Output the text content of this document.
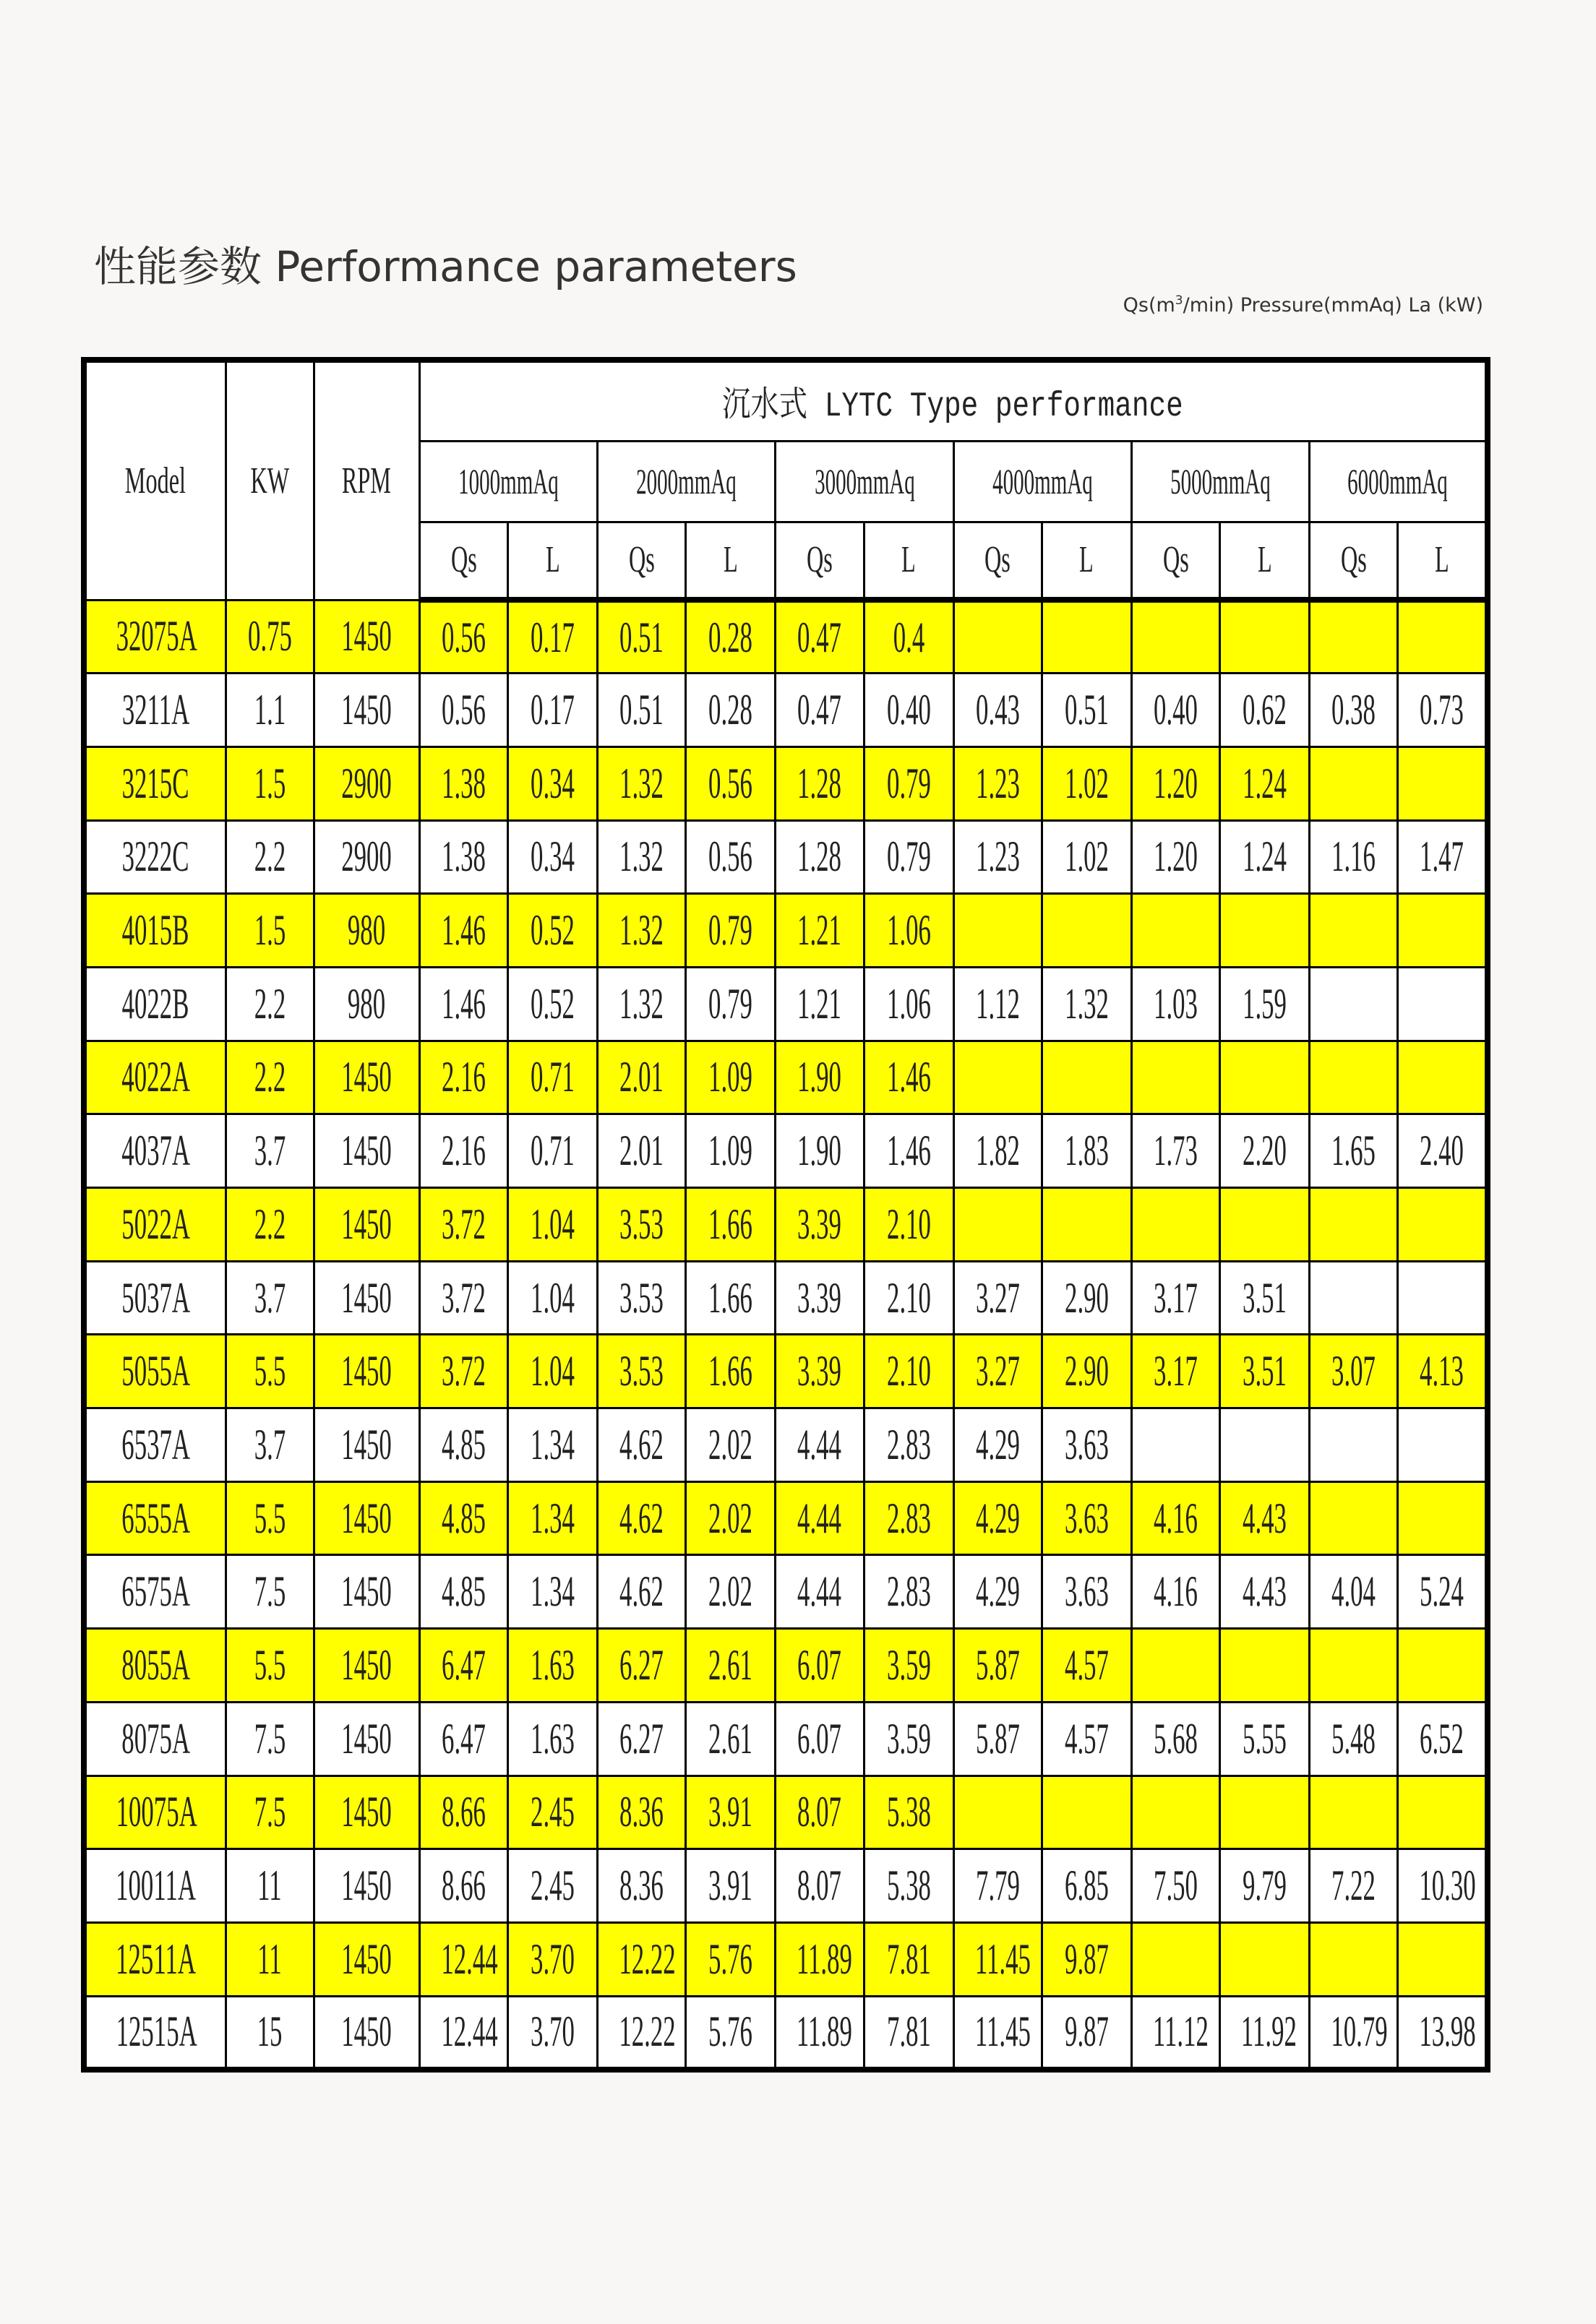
性能参数 Performance parameters
$Qs(m^3/\min)$ Pressure(mmAq) La (kW)
Model	KW	RPM	沉水式 LYTC Type performance											
			1000mmAq		2000mmAq		3000mmAq		4000mmAq		5000mmAq		6000mmAq	
			Qs	L	Qs	L	Qs	L	Qs	L	Qs	L	Qs	L
32075A	0.75	1450	0.56	0.17	0.51	0.28	0.47	0.4						
3211A	1.1	1450	0.56	0.17	0.51	0.28	0.47	0.40	0.43	0.51	0.40	0.62	0.38	0.73
3215C	1.5	2900	1.38	0.34	1.32	0.56	1.28	0.79	1.23	1.02	1.20	1.24		
3222C	2.2	2900	1.38	0.34	1.32	0.56	1.28	0.79	1.23	1.02	1.20	1.24	1.16	1.47
4015B	1.5	980	1.46	0.52	1.32	0.79	1.21	1.06						
4022B	2.2	980	1.46	0.52	1.32	0.79	1.21	1.06	1.12	1.32	1.03	1.59		
4022A	2.2	1450	2.16	0.71	2.01	1.09	1.90	1.46						
4037A	3.7	1450	2.16	0.71	2.01	1.09	1.90	1.46	1.82	1.83	1.73	2.20	1.65	2.40
5022A	2.2	1450	3.72	1.04	3.53	1.66	3.39	2.10						
5037A	3.7	1450	3.72	1.04	3.53	1.66	3.39	2.10	3.27	2.90	3.17	3.51		
5055A	5.5	1450	3.72	1.04	3.53	1.66	3.39	2.10	3.27	2.90	3.17	3.51	3.07	4.13
6537A	3.7	1450	4.85	1.34	4.62	2.02	4.44	2.83	4.29	3.63				
6555A	5.5	1450	4.85	1.34	4.62	2.02	4.44	2.83	4.29	3.63	4.16	4.43		
6575A	7.5	1450	4.85	1.34	4.62	2.02	4.44	2.83	4.29	3.63	4.16	4.43	4.04	5.24
8055A	5.5	1450	6.47	1.63	6.27	2.61	6.07	3.59	5.87	4.57				
8075A	7.5	1450	6.47	1.63	6.27	2.61	6.07	3.59	5.87	4.57	5.68	5.55	5.48	6.52
10075A	7.5	1450	8.66	2.45	8.36	3.91	8.07	5.38						
10011A	11	1450	8.66	2.45	8.36	3.91	8.07	5.38	7.79	6.85	7.50	9.79	7.22	10.30
12511A	11	1450	12.44	3.70	12.22	5.76	11.89	7.81	11.45	9.87				
12515A	15	1450	12.44	3.70	12.22	5.76	11.89	7.81	11.45	9.87	11.12	11.92	10.79	13.98
